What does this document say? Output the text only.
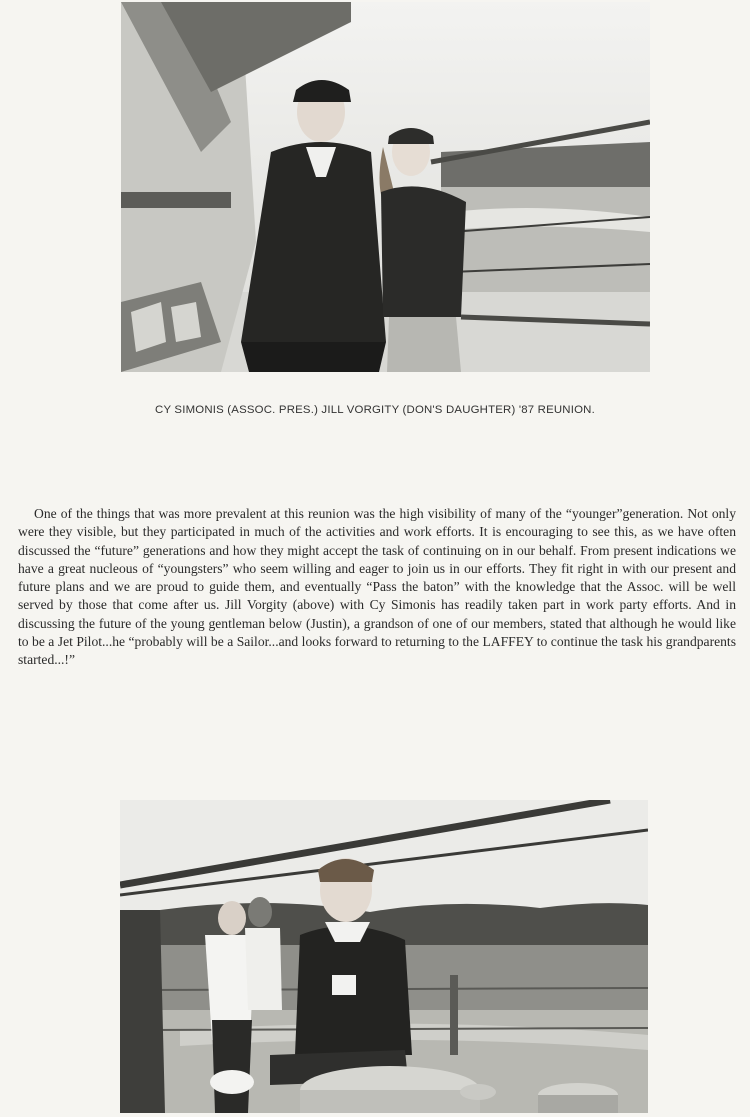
CY SIMONIS (ASSOC. PRES.) JILL VORGITY (DON'S DAUGHTER) '87 REUNION.

One of the things that was more prevalent at this reunion was the high visibility of many of the “younger”generation. Not only were they visible, but they participated in much of the activities and work efforts. It is encouraging to see this, as we have often discussed the “future” generations and how they might accept the task of continuing on in our behalf. From present indications we have a great nucleous of “youngsters” who seem willing and eager to join us in our efforts. They fit right in with our present and future plans and we are proud to guide them, and eventually “Pass the baton” with the knowledge that the Assoc. will be well served by those that come after us. Jill Vorgity (above) with Cy Simonis has readily taken part in work party efforts. And in discussing the future of the young gentleman below (Justin), a grandson of one of our members, stated that although he would like to be a Jet Pilot...he “probably will be a Sailor...and looks forward to returning to the LAFFEY to continue the task his grandparents started...!”
